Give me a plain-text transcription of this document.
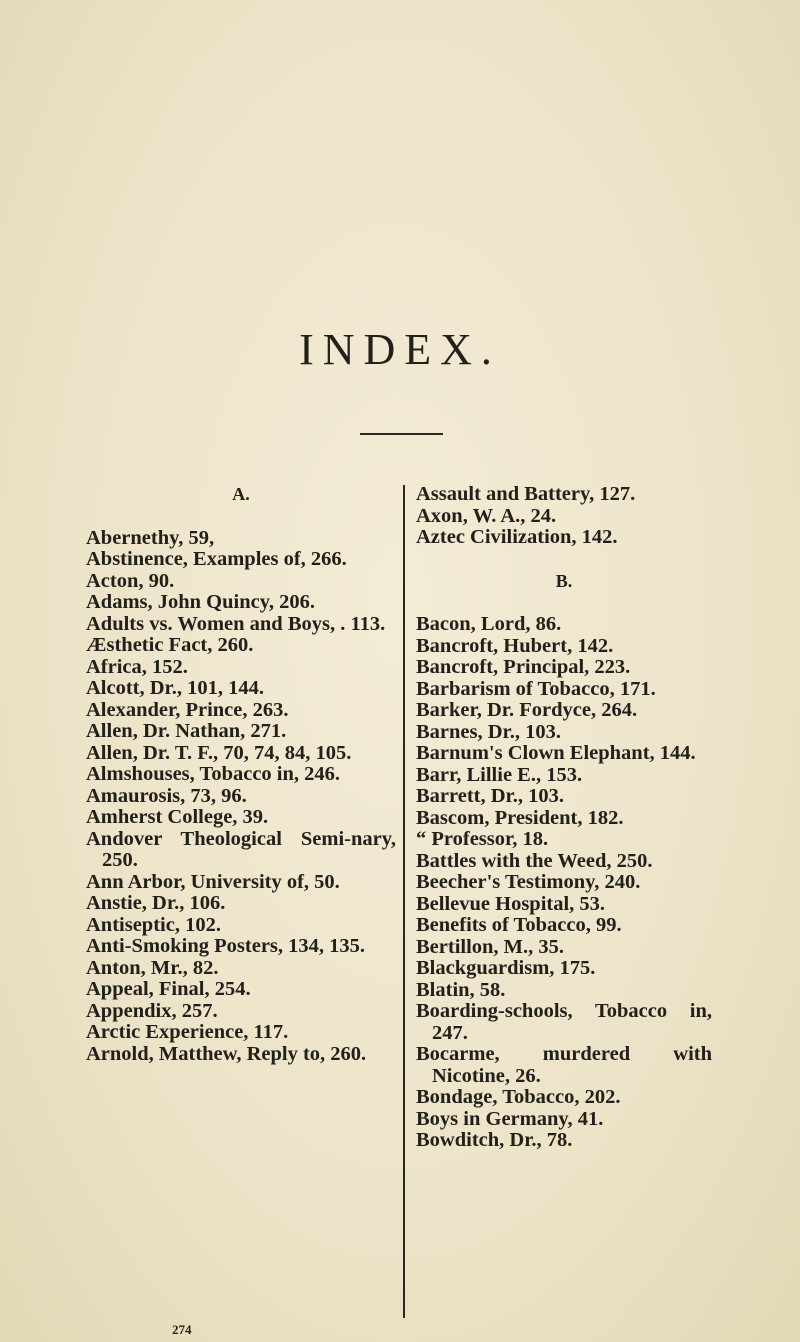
INDEX.
A.
Abernethy, 59,
Abstinence, Examples of, 266.
Acton, 90.
Adams, John Quincy, 206.
Adults vs. Women and Boys, . 113.
Æsthetic Fact, 260.
Africa, 152.
Alcott, Dr., 101, 144.
Alexander, Prince, 263.
Allen, Dr. Nathan, 271.
Allen, Dr. T. F., 70, 74, 84, 105.
Almshouses, Tobacco in, 246.
Amaurosis, 73, 96.
Amherst College, 39.
Andover Theological Semi-nary, 250.
Ann Arbor, University of, 50.
Anstie, Dr., 106.
Antiseptic, 102.
Anti-Smoking Posters, 134, 135.
Anton, Mr., 82.
Appeal, Final, 254.
Appendix, 257.
Arctic Experience, 117.
Arnold, Matthew, Reply to, 260.
Assault and Battery, 127.
Axon, W. A., 24.
Aztec Civilization, 142.
B.
Bacon, Lord, 86.
Bancroft, Hubert, 142.
Bancroft, Principal, 223.
Barbarism of Tobacco, 171.
Barker, Dr. Fordyce, 264.
Barnes, Dr., 103.
Barnum's Clown Elephant, 144.
Barr, Lillie E., 153.
Barrett, Dr., 103.
Bascom, President, 182.
“ Professor, 18.
Battles with the Weed, 250.
Beecher's Testimony, 240.
Bellevue Hospital, 53.
Benefits of Tobacco, 99.
Bertillon, M., 35.
Blackguardism, 175.
Blatin, 58.
Boarding-schools, Tobacco in, 247.
Bocarme, murdered with Nicotine, 26.
Bondage, Tobacco, 202.
Boys in Germany, 41.
Bowditch, Dr., 78.
274
